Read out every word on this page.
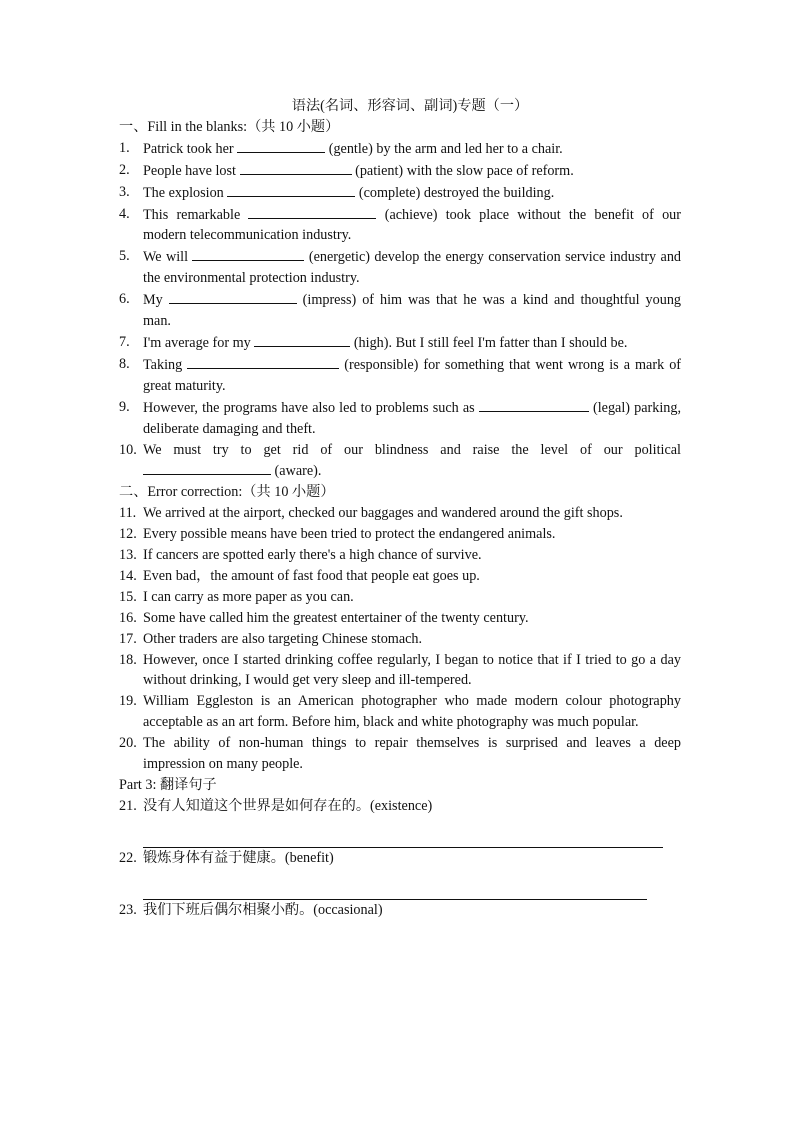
语法(名词、形容词、副词)专题（一）
一、Fill in the blanks:（共 10 小题）
1. Patrick took her	(gentle) by the arm and led her to a chair.
2. People have lost	(patient) with the slow pace of reform.
3. The explosion	(complete) destroyed the building.
4. This remarkable	(achieve) took place without the benefit of our modern telecommunication industry.
5. We will	(energetic) develop the energy conservation service industry and the environmental protection industry.
6. My	(impress) of him was that he was a kind and thoughtful young man.
7. I'm average for my	(high). But I still feel I'm fatter than I should be.
8. Taking	(responsible) for something that went wrong is a mark of great maturity.
9. However, the programs have also led to problems such as	(legal) parking, deliberate damaging and theft.
10. We must try to get rid of our blindness and raise the level of our political  (aware).
二、Error correction:（共 10 小题）
11. We arrived at the airport, checked our baggages and wandered around the gift shops.
12. Every possible means have been tried to protect the endangered animals.
13. If cancers are spotted early there's a high chance of survive.
14. Even bad，the amount of fast food that people eat goes up.
15. I can carry as more paper as you can.
16. Some have called him the greatest entertainer of the twenty century.
17. Other traders are also targeting Chinese stomach.
18. However, once I started drinking coffee regularly, I began to notice that if I tried to go a day without drinking, I would get very sleep and ill-tempered.
19. William Eggleston is an American photographer who made modern colour photography acceptable as an art form. Before him, black and white photography was much popular.
20. The ability of non-human things to repair themselves is surprised and leaves a deep impression on many people.
Part 3: 翻译句子
21. 没有人知道这个世界是如何存在的。(existence)
22. 锻炼身体有益于健康。(benefit)
23. 我们下班后偶尔相聚小酌。(occasional)
